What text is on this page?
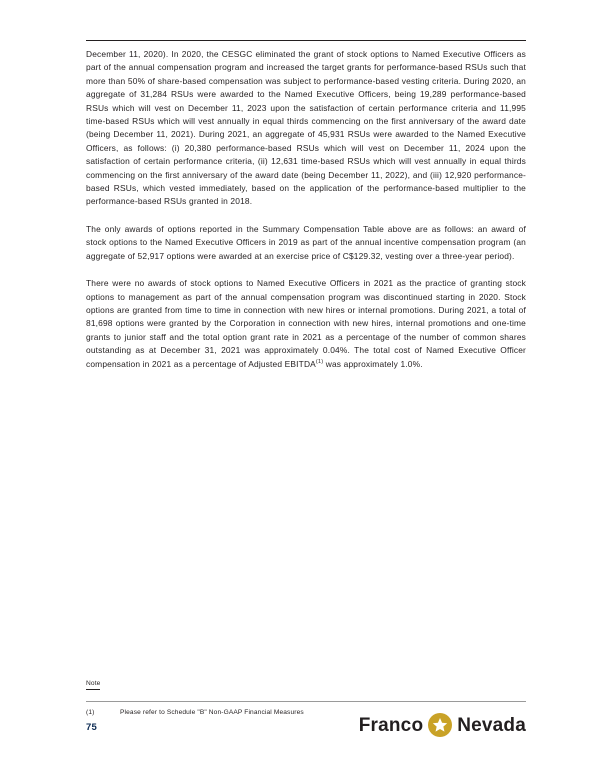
December 11, 2020). In 2020, the CESGC eliminated the grant of stock options to Named Executive Officers as part of the annual compensation program and increased the target grants for performance-based RSUs such that more than 50% of share-based compensation was subject to performance-based vesting criteria. During 2020, an aggregate of 31,284 RSUs were awarded to the Named Executive Officers, being 19,289 performance-based RSUs which will vest on December 11, 2023 upon the satisfaction of certain performance criteria and 11,995 time-based RSUs which will vest annually in equal thirds commencing on the first anniversary of the award date (being December 11, 2021). During 2021, an aggregate of 45,931 RSUs were awarded to the Named Executive Officers, as follows: (i) 20,380 performance-based RSUs which will vest on December 11, 2024 upon the satisfaction of certain performance criteria, (ii) 12,631 time-based RSUs which will vest annually in equal thirds commencing on the first anniversary of the award date (being December 11, 2022), and (iii) 12,920 performance-based RSUs, which vested immediately, based on the application of the performance-based multiplier to the performance-based RSUs granted in 2018.

The only awards of options reported in the Summary Compensation Table above are as follows: an award of stock options to the Named Executive Officers in 2019 as part of the annual incentive compensation program (an aggregate of 52,917 options were awarded at an exercise price of C$129.32, vesting over a three-year period).

There were no awards of stock options to Named Executive Officers in 2021 as the practice of granting stock options to management as part of the annual compensation program was discontinued starting in 2020. Stock options are granted from time to time in connection with new hires or internal promotions. During 2021, a total of 81,698 options were granted by the Corporation in connection with new hires, internal promotions and one-time grants to junior staff and the total option grant rate in 2021 as a percentage of the number of common shares outstanding as at December 31, 2021 was approximately 0.04%. The total cost of Named Executive Officer compensation in 2021 as a percentage of Adjusted EBITDA$^{(1)}$ was approximately 1.0%.

Note
(1)	Please refer to Schedule "B" Non-GAAP Financial Measures
75	Franco Nevada
